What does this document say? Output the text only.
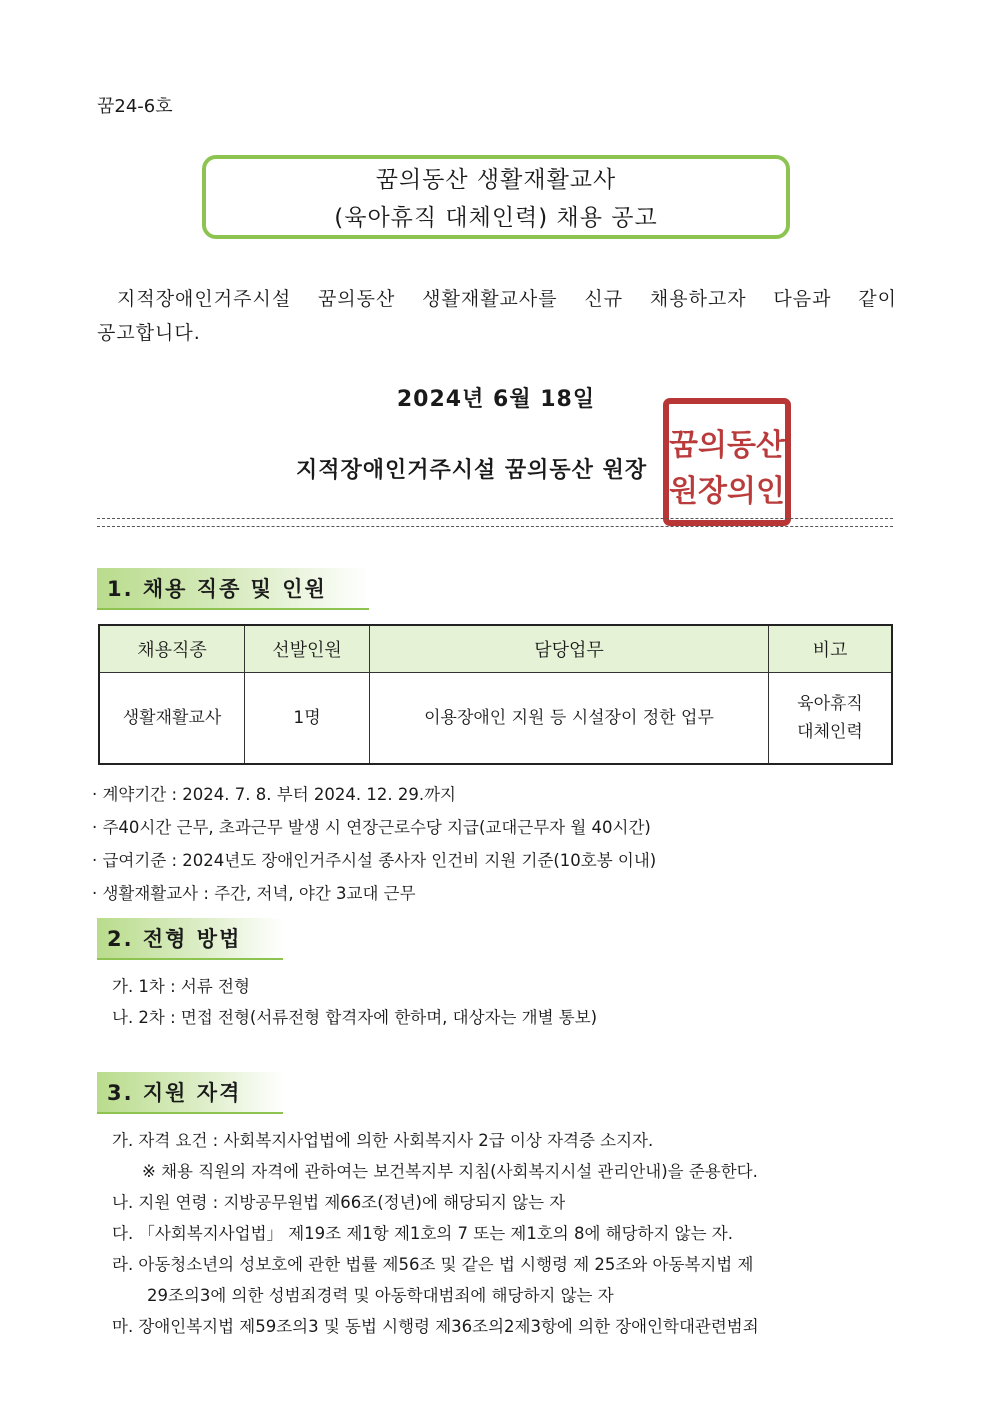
꿈24-6호
꿈의동산 생활재활교사
(육아휴직 대체인력) 채용 공고
지적장애인거주시설 꿈의동산 생활재활교사를 신규 채용하고자 다음과 같이
공고합니다.
2024년 6월 18일
지적장애인거주시설 꿈의동산 원장
꿈의동산
원장의인
1. 채용 직종 및 인원
채용직종	선발인원	담당업무	비고
생활재활교사	1명	이용장애인 지원 등 시설장이 정한 업무	육아휴직
대체인력
· 계약기간 : 2024. 7. 8. 부터 2024. 12. 29.까지
· 주40시간 근무, 초과근무 발생 시 연장근로수당 지급(교대근무자 월 40시간)
· 급여기준 : 2024년도 장애인거주시설 종사자 인건비 지원 기준(10호봉 이내)
· 생활재활교사 : 주간, 저녁, 야간 3교대 근무
2. 전형 방법
가. 1차 : 서류 전형
나. 2차 : 면접 전형(서류전형 합격자에 한하며, 대상자는 개별 통보)
3. 지원 자격
가. 자격 요건 : 사회복지사업법에 의한 사회복지사 2급 이상 자격증 소지자.
※ 채용 직원의 자격에 관하여는 보건복지부 지침(사회복지시설 관리안내)을 준용한다.
나. 지원 연령 : 지방공무원법 제66조(정년)에 해당되지 않는 자
다. 「사회복지사업법」 제19조 제1항 제1호의 7 또는 제1호의 8에 해당하지 않는 자.
라. 아동청소년의 성보호에 관한 법률 제56조 및 같은 법 시행령 제 25조와 아동복지법 제
29조의3에 의한 성범죄경력 및 아동학대범죄에 해당하지 않는 자
마. 장애인복지법 제59조의3 및 동법 시행령 제36조의2제3항에 의한 장애인학대관련범죄
